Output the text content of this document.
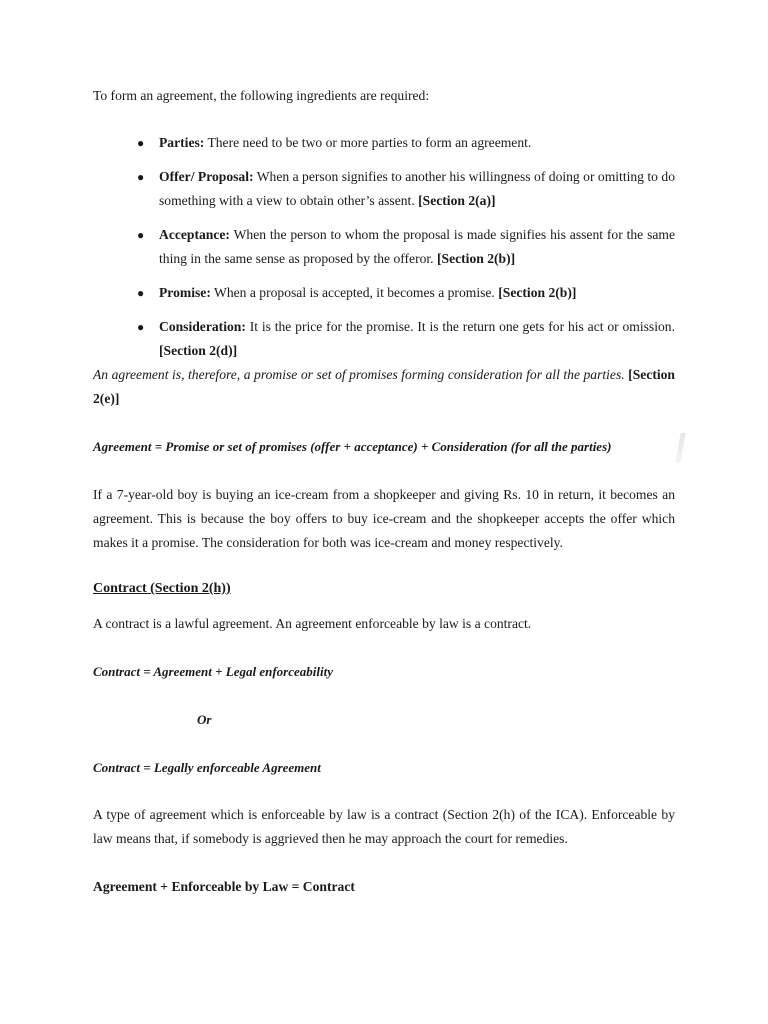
To form an agreement, the following ingredients are required:

● Parties: There need to be two or more parties to form an agreement.

● Offer/ Proposal: When a person signifies to another his willingness of doing or omitting to do something with a view to obtain other’s assent. [Section 2(a)]

● Acceptance: When the person to whom the proposal is made signifies his assent for the same thing in the same sense as proposed by the offeror. [Section 2(b)]

● Promise: When a proposal is accepted, it becomes a promise. [Section 2(b)]

● Consideration: It is the price for the promise. It is the return one gets for his act or omission. [Section 2(d)]

An agreement is, therefore, a promise or set of promises forming consideration for all the parties. [Section 2(e)]

Agreement = Promise or set of promises (offer + acceptance) + Consideration (for all the parties)

If a 7-year-old boy is buying an ice-cream from a shopkeeper and giving Rs. 10 in return, it becomes an agreement. This is because the boy offers to buy ice-cream and the shopkeeper accepts the offer which makes it a promise. The consideration for both was ice-cream and money respectively.

Contract (Section 2(h))

A contract is a lawful agreement. An agreement enforceable by law is a contract.

Contract = Agreement + Legal enforceability

Or

Contract = Legally enforceable Agreement

A type of agreement which is enforceable by law is a contract (Section 2(h) of the ICA). Enforceable by law means that, if somebody is aggrieved then he may approach the court for remedies.

Agreement + Enforceable by Law = Contract
